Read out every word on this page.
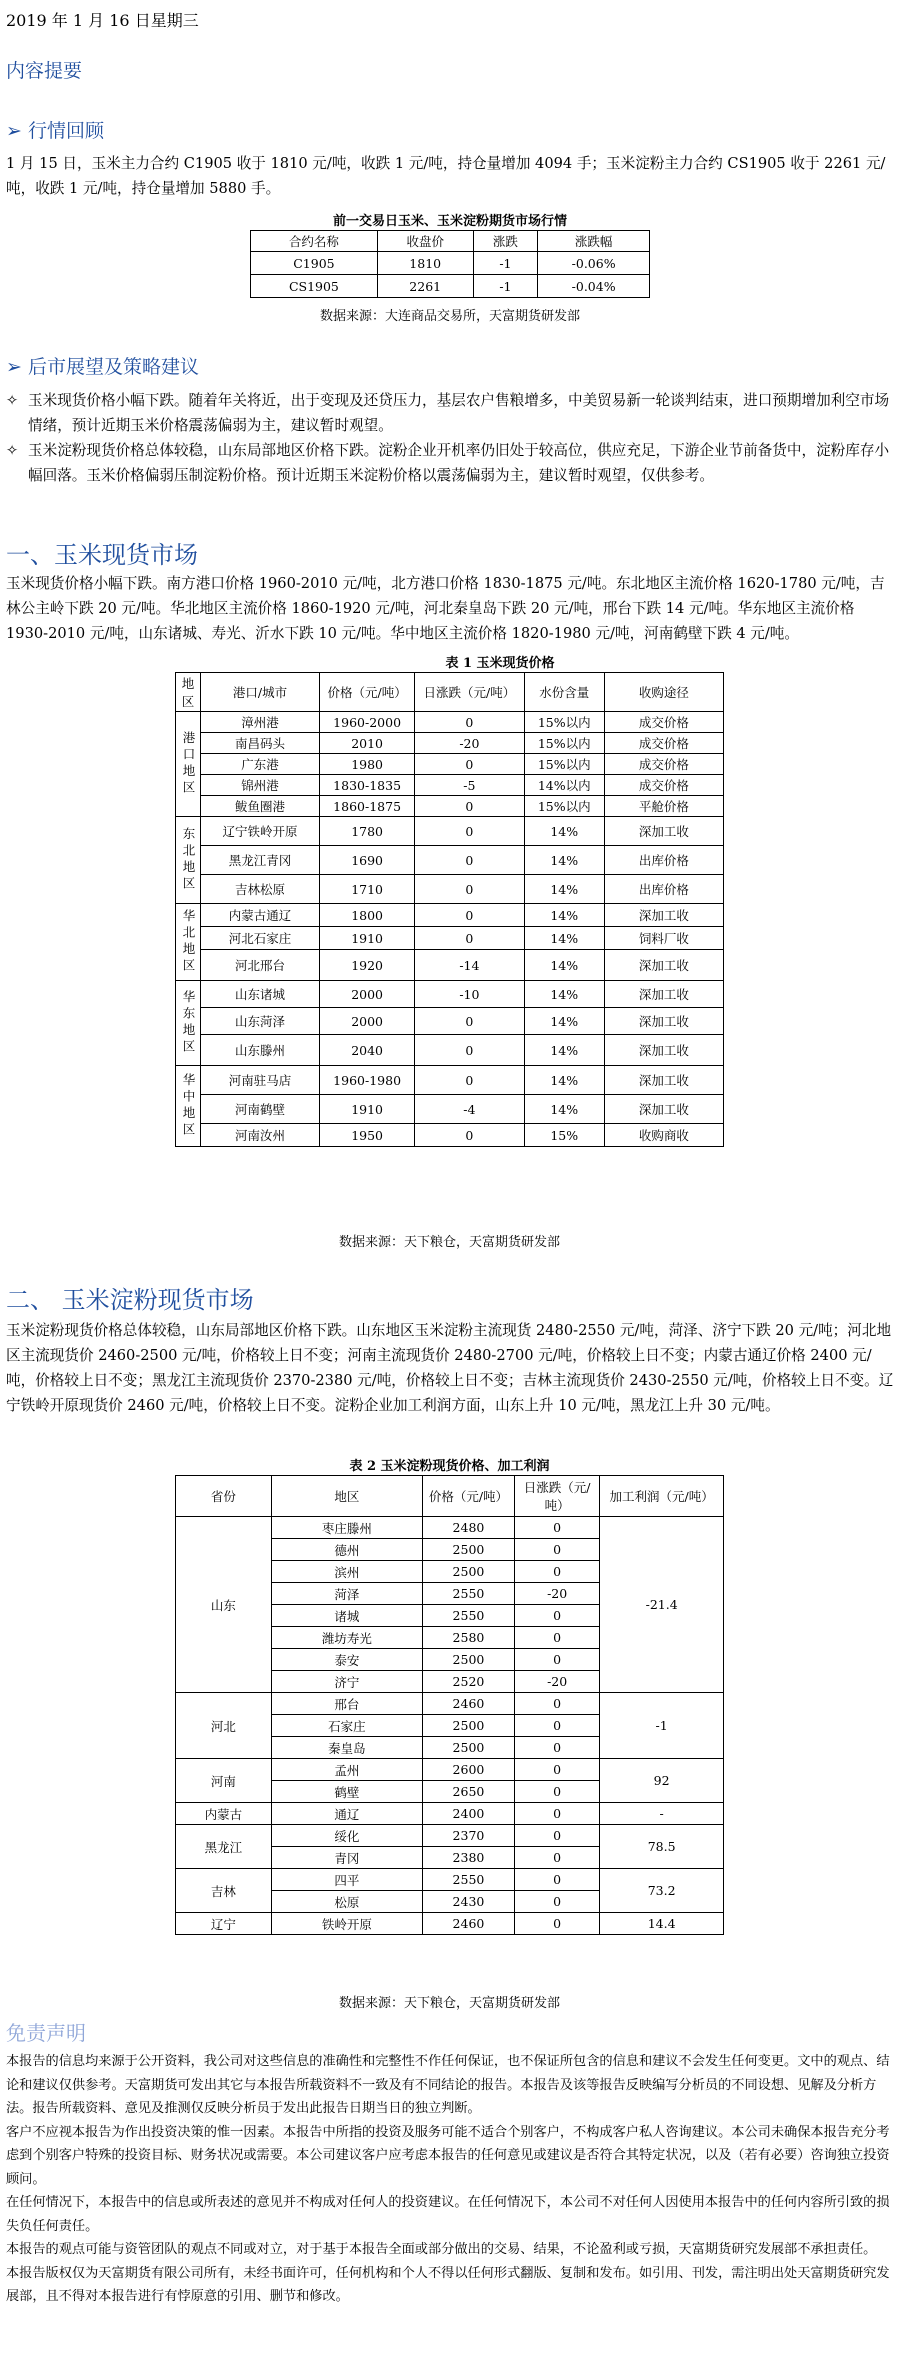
2019 年 1 月 16 日星期三
内容提要
➢ 行情回顾
1 月 15 日，玉米主力合约 C1905 收于 1810 元/吨，收跌 1 元/吨，持仓量增加 4094 手；玉米淀粉主力合约 CS1905 收于 2261 元/吨，收跌 1 元/吨，持仓量增加 5880 手。
前一交易日玉米、玉米淀粉期货市场行情
合约名称	收盘价	涨跌	涨跌幅
C1905	1810	-1	-0.06%
CS1905	2261	-1	-0.04%
数据来源：大连商品交易所，天富期货研发部
➢ 后市展望及策略建议
✧ 玉米现货价格小幅下跌。随着年关将近，出于变现及还贷压力，基层农户售粮增多，中美贸易新一轮谈判结束，进口预期增加利空市场情绪，预计近期玉米价格震荡偏弱为主，建议暂时观望。
✧ 玉米淀粉现货价格总体较稳，山东局部地区价格下跌。淀粉企业开机率仍旧处于较高位，供应充足，下游企业节前备货中，淀粉库存小幅回落。玉米价格偏弱压制淀粉价格。预计近期玉米淀粉价格以震荡偏弱为主，建议暂时观望，仅供参考。
一、玉米现货市场
玉米现货价格小幅下跌。南方港口价格 1960-2010 元/吨，北方港口价格 1830-1875 元/吨。东北地区主流价格 1620-1780 元/吨，吉林公主岭下跌 20 元/吨。华北地区主流价格 1860-1920 元/吨，河北秦皇岛下跌 20 元/吨，邢台下跌 14 元/吨。华东地区主流价格 1930-2010 元/吨，山东诸城、寿光、沂水下跌 10 元/吨。华中地区主流价格 1820-1980 元/吨，河南鹤壁下跌 4 元/吨。
表 1 玉米现货价格
地区	港口/城市	价格（元/吨）	日涨跌（元/吨）	水份含量	收购途径
港口地区	漳州港	1960-2000	0	15%以内	成交价格
	南昌码头	2010	-20	15%以内	成交价格
	广东港	1980	0	15%以内	成交价格
	锦州港	1830-1835	-5	14%以内	成交价格
	鲅鱼圈港	1860-1875	0	15%以内	平舱价格
东北地区	辽宁铁岭开原	1780	0	14%	深加工收
	黑龙江青冈	1690	0	14%	出库价格
	吉林松原	1710	0	14%	出库价格
华北地区	内蒙古通辽	1800	0	14%	深加工收
	河北石家庄	1910	0	14%	饲料厂收
	河北邢台	1920	-14	14%	深加工收
华东地区	山东诸城	2000	-10	14%	深加工收
	山东菏泽	2000	0	14%	深加工收
	山东滕州	2040	0	14%	深加工收
华中地区	河南驻马店	1960-1980	0	14%	深加工收
	河南鹤壁	1910	-4	14%	深加工收
	河南汝州	1950	0	15%	收购商收
数据来源：天下粮仓，天富期货研发部
二、 玉米淀粉现货市场
玉米淀粉现货价格总体较稳，山东局部地区价格下跌。山东地区玉米淀粉主流现货 2480-2550 元/吨，菏泽、济宁下跌 20 元/吨；河北地区主流现货价 2460-2500 元/吨，价格较上日不变；河南主流现货价 2480-2700 元/吨，价格较上日不变；内蒙古通辽价格 2400 元/吨，价格较上日不变；黑龙江主流现货价 2370-2380 元/吨，价格较上日不变；吉林主流现货价 2430-2550 元/吨，价格较上日不变。辽宁铁岭开原现货价 2460 元/吨，价格较上日不变。淀粉企业加工利润方面，山东上升 10 元/吨，黑龙江上升 30 元/吨。
表 2 玉米淀粉现货价格、加工利润
省份	地区	价格（元/吨）	日涨跌（元/吨）	加工利润（元/吨）
山东	枣庄滕州	2480	0	-21.4
	德州	2500	0	
	滨州	2500	0	
	菏泽	2550	-20	
	诸城	2550	0	
	潍坊寿光	2580	0	
	泰安	2500	0	
	济宁	2520	-20	
河北	邢台	2460	0	-1
	石家庄	2500	0	
	秦皇岛	2500	0	
河南	孟州	2600	0	92
	鹤壁	2650	0	
内蒙古	通辽	2400	0	-
黑龙江	绥化	2370	0	78.5
	青冈	2380	0	
吉林	四平	2550	0	73.2
	松原	2430	0	
辽宁	铁岭开原	2460	0	14.4
数据来源：天下粮仓，天富期货研发部
免责声明

本报告的信息均来源于公开资料，我公司对这些信息的准确性和完整性不作任何保证，也不保证所包含的信息和建议不会发生任何变更。文中的观点、结论和建议仅供参考。天富期货可发出其它与本报告所载资料不一致及有不同结论的报告。本报告及该等报告反映编写分析员的不同设想、见解及分析方法。报告所载资料、意见及推测仅反映分析员于发出此报告日期当日的独立判断。

客户不应视本报告为作出投资决策的惟一因素。本报告中所指的投资及服务可能不适合个别客户，不构成客户私人咨询建议。本公司未确保本报告充分考虑到个别客户特殊的投资目标、财务状况或需要。本公司建议客户应考虑本报告的任何意见或建议是否符合其特定状况，以及（若有必要）咨询独立投资顾问。

在任何情况下，本报告中的信息或所表述的意见并不构成对任何人的投资建议。在任何情况下，本公司不对任何人因使用本报告中的任何内容所引致的损失负任何责任。

本报告的观点可能与资管团队的观点不同或对立，对于基于本报告全面或部分做出的交易、结果，不论盈利或亏损，天富期货研究发展部不承担责任。

本报告版权仅为天富期货有限公司所有，未经书面许可，任何机构和个人不得以任何形式翻版、复制和发布。如引用、刊发，需注明出处天富期货研究发展部，且不得对本报告进行有悖原意的引用、删节和修改。
